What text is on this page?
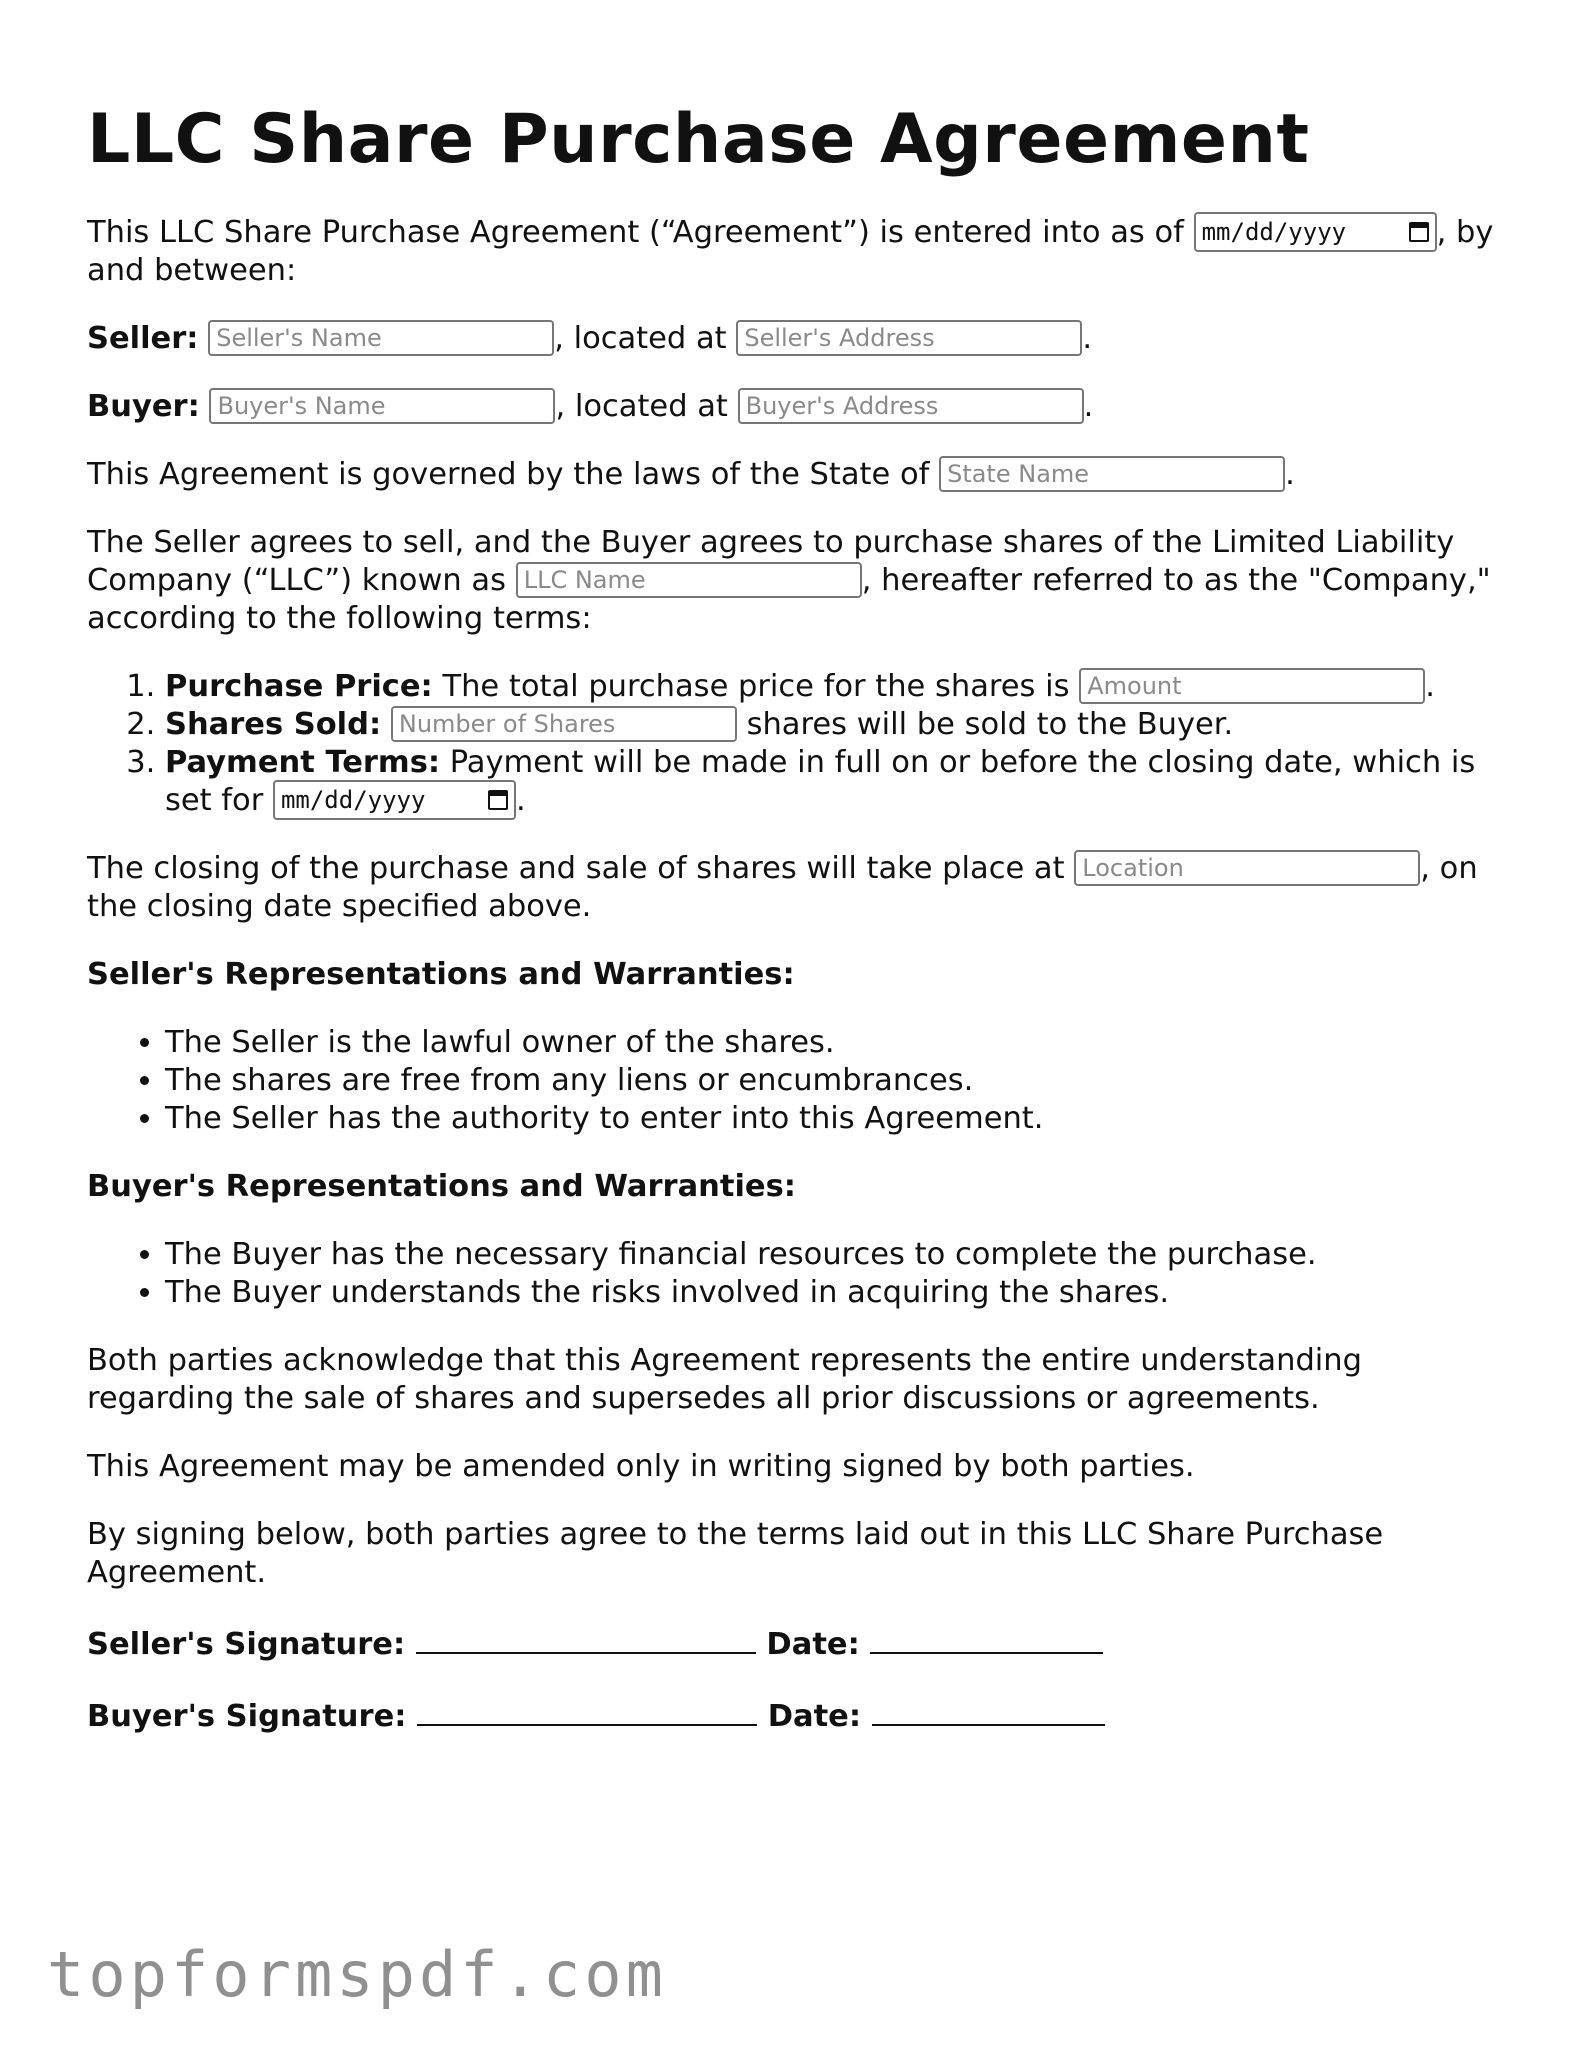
LLC Share Purchase Agreement

This LLC Share Purchase Agreement (“Agreement”) is entered into as of mm/dd/yyyy	, by and between:

Seller: Seller's Name	, located at Seller's Address	.

Buyer: Buyer's Name	, located at Buyer's Address	.

This Agreement is governed by the laws of the State of State Name	.

The Seller agrees to sell, and the Buyer agrees to purchase shares of the Limited Liability Company (“LLC”) known as LLC Name	, hereafter referred to as the "Company," according to the following terms:

1. Purchase Price: The total purchase price for the shares is Amount	.
2. Shares Sold: Number of Shares	shares will be sold to the Buyer.
3. Payment Terms: Payment will be made in full on or before the closing date, which is set for mm/dd/yyyy	.

The closing of the purchase and sale of shares will take place at Location	, on the closing date specified above.

Seller's Representations and Warranties:
• The Seller is the lawful owner of the shares.
• The shares are free from any liens or encumbrances.
• The Seller has the authority to enter into this Agreement.
Buyer's Representations and Warranties:
• The Buyer has the necessary financial resources to complete the purchase.
• The Buyer understands the risks involved in acquiring the shares.

Both parties acknowledge that this Agreement represents the entire understanding regarding the sale of shares and supersedes all prior discussions or agreements.

This Agreement may be amended only in writing signed by both parties.

By signing below, both parties agree to the terms laid out in this LLC Share Purchase Agreement.

Seller's Signature:	Date:

Buyer's Signature:	Date:

topformspdf.com
